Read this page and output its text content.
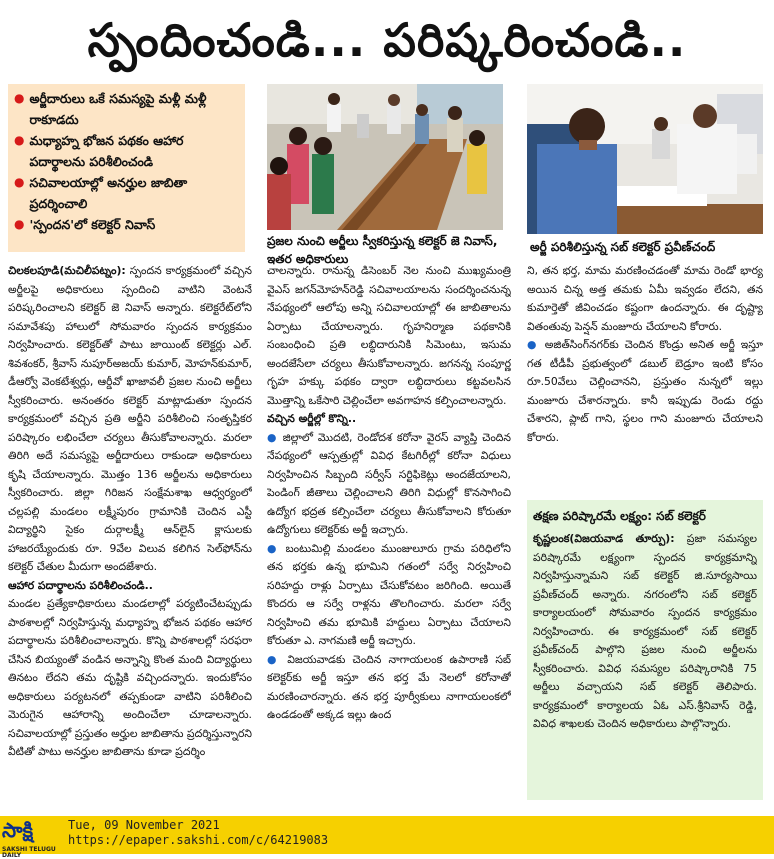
స్పందించండి... పరిష్కరించండి..
● అర్జీదారులు ఒకే సమస్యపై మళ్లీ మళ్లీ రాకూడదు
● మధ్యాహ్న భోజన పథకం ఆహార పదార్థాలను పరిశీలించండి
● సచివాలయాల్లో అనర్హుల జాబితా ప్రదర్శించాలి
● 'స్పందన'లో కలెక్టర్ నివాస్
ప్రజల నుంచి అర్జీలు స్వీకరిస్తున్న కలెక్టర్ జె నివాస్, ఇతర అధికారులు
అర్జీ పరిశీలిస్తున్న సబ్ కలెక్టర్ ప్రవీణ్‌చంద్

చిలకలపూడి(మచిలీపట్నం): స్పందన కార్యక్రమంలో వచ్చిన అర్జీలపై అధికారులు స్పందించి వాటిని వెంటనే పరిష్కరించాలని కలెక్టర్ జె నివాస్ అన్నారు. కలెక్టరేట్‌లోని సమావేశపు హాలులో సోమవారం స్పందన కార్యక్రమం నిర్వహించారు. కలెక్టర్‌తో పాటు జాయింట్ కలెక్టర్లు ఎల్. శివశంకర్, శ్రీవాస్ నుపూర్‌అజయ్ కుమార్, మోహన్‌కుమార్, డీఆర్వో వెంకటేశ్వర్లు, ఆర్డీవో ఖాజావలీ ప్రజల నుంచి అర్జీలు స్వీకరించారు. అనంతరం కలెక్టర్ మాట్లాడుతూ స్పందన కార్యక్రమంలో వచ్చిన ప్రతి అర్జీని పరిశీలించి సంతృప్తికర పరిష్కారం లభించేలా చర్యలు తీసుకోవాలన్నారు. మరలా తిరిగి అదే సమస్యపై అర్జీదారులు రాకుండా అధికారులు కృషి చేయాలన్నారు. మొత్తం 136 అర్జీలను అధికారులు స్వీకరించారు. జిల్లా గిరిజన సంక్షేమశాఖ ఆధ్వర్యంలో చల్లపల్లి మండలం లక్ష్మీపురం గ్రామానికి చెందిన ఎస్టీ విద్యార్థిని సైకం దుర్గాలక్ష్మీ ఆన్‌లైన్ క్లాసులకు హాజరయ్యేందుకు రూ. 9వేల విలువ కలిగిన సెల్‌ఫోన్‌ను కలెక్టర్ చేతుల మీదుగా అందజేశారు.

ఆహార పదార్థాలను పరిశీలించండి..

మండల ప్రత్యేకాధికారులు మండలాల్లో పర్యటించేటప్పుడు పాఠశాలల్లో నిర్వహిస్తున్న మధ్యాహ్న భోజన పథకం ఆహార పదార్థాలను పరిశీలించాలన్నారు. కొన్ని పాఠశాలల్లో సరఫరా చేసిన బియ్యంతో వండిన అన్నాన్ని కొంత మంది విద్యార్థులు తినటం లేదని తమ దృష్టికి వచ్చిందన్నారు. ఇందుకోసం అధికారులు పర్యటనలో తప్పకుండా వాటిని పరిశీలించి మెరుగైన ఆహారాన్ని అందించేలా చూడాలన్నారు. సచివాలయాల్లో ప్రస్తుతం అర్హుల జాబితాను ప్రదర్శిస్తున్నారని వీటితో పాటు అనర్హుల జాబితాను కూడా ప్రదర్శిం

చాలన్నారు. రానున్న డిసెంబర్ నెల నుంచి ముఖ్యమంత్రి వైఎస్ జగన్‌మోహన్‌రెడ్డి సచివాలయాలను సందర్శించనున్న నేపథ్యంలో ఆలోపు అన్ని సచివాలయాల్లో ఈ జాబితాలను ఏర్పాటు చేయాలన్నారు. గృహనిర్మాణ పథకానికి సంబంధించి ప్రతి లబ్ధిదారునికి సిమెంటు, ఇసుమ అందజేసేలా చర్యలు తీసుకోవాలన్నారు. జగనన్న సంపూర్ణ గృహ హక్కు పథకం ద్వారా లబ్ధిదారులు కట్టవలసిన మొత్తాన్ని ఒకేసారి చెల్లించేలా అవగాహన కల్పించాలన్నారు.

వచ్చిన అర్జీల్లో కొన్ని..

● జిల్లాలో మొదటి, రెండోదశ కరోనా వైరస్ వ్యాప్తి చెందిన నేపథ్యంలో ఆస్పత్రుల్లో వివిధ కేటగిరీల్లో కరోనా విధులు నిర్వహించిన సిబ్బంది సర్వీస్ సర్టిఫికెట్లు అందజేయాలని, పెండింగ్ జీతాలు చెల్లించాలని తిరిగి విధుల్లో కొనసాగించి ఉద్యోగ భద్రత కల్పించేలా చర్యలు తీసుకోవాలని కోరుతూ ఉద్యోగులు కలెక్టర్‌కు అర్జీ ఇచ్చారు.

● బంటుమిల్లి మండలం ముంజులూరు గ్రామ పరిధిలోని తన భర్తకు ఉన్న భూమిని గతంలో సర్వే నిర్వహించి సరిహద్దు రాళ్లు ఏర్పాటు చేసుకోవటం జరిగింది. అయితే కొందరు ఆ సర్వే రాళ్లను తొలగించారు. మరలా సర్వే నిర్వహించి తమ భూమికి హద్దులు ఏర్పాటు చేయాలని కోరుతూ ఎ. నాగమణి అర్జీ ఇచ్చారు.

● విజయవాడకు చెందిన నాగాయలంక ఉపారాణి సబ్ కలెక్టర్‌కు అర్జీ ఇస్తూ తన భర్త మే నెలలో కరోనాతో మరణించారన్నారు. తన భర్త పూర్వీకులు నాగాయలంకలో ఉండడంతో అక్కడ ఇల్లు ఉంద

ని, తన భర్త, మామ మరణించడంతో మామ రెండో భార్య అయిన చిన్న అత్త తమకు ఏమీ ఇవ్వడం లేదని, తన కుమార్తెతో జీవించడం కష్టంగా ఉందన్నారు. ఈ దృష్ట్యా వితంతువు పెన్షన్ మంజూరు చేయాలని కోరారు.

● అజిత్‌సింగ్‌నగర్‌కు చెందిన కొండ్రు అనిత అర్జీ ఇస్తూ గత టీడీపీ ప్రభుత్వంలో డబుల్ బెడ్రూం ఇంటి కోసం రూ.50వేలు చెల్లించానని, ప్రస్తుతం నున్నలో ఇల్లు మంజూరు చేశారన్నారు. కానీ ఇప్పుడు రెండు రద్దు చేశారని, ప్లాట్ గాని, స్థలం గాని మంజూరు చేయాలని కోరారు.

తక్షణ పరిష్కారమే లక్ష్యం: సబ్ కలెక్టర్

కృష్ణలంక(విజయవాడ తూర్పు): ప్రజా సమస్యల పరిష్కారమే లక్ష్యంగా స్పందన కార్యక్రమాన్ని నిర్వహిస్తున్నామని సబ్ కలెక్టర్ జి.సూర్యసాయి ప్రవీణ్‌చంద్ అన్నారు. నగరంలోని సబ్ కలెక్టర్ కార్యాలయంలో సోమవారం స్పందన కార్యక్రమం నిర్వహించారు. ఈ కార్యక్రమంలో సబ్ కలెక్టర్ ప్రవీణ్‌చంద్ పాల్గొని ప్రజల నుంచి అర్జీలను స్వీకరించారు. వివిధ సమస్యల పరిష్కారానికి 75 అర్జీలు వచ్చాయని సబ్ కలెక్టర్ తెలిపారు. కార్యక్రమంలో కార్యాలయ ఏఓ ఎస్.శ్రీనివాస్ రెడ్డి, వివిధ శాఖలకు చెందిన అధికారులు పాల్గొన్నారు.

సాక్షి
SAKSHI TELUGU DAILY
Tue, 09 November 2021
https://epaper.sakshi.com/c/64219083
